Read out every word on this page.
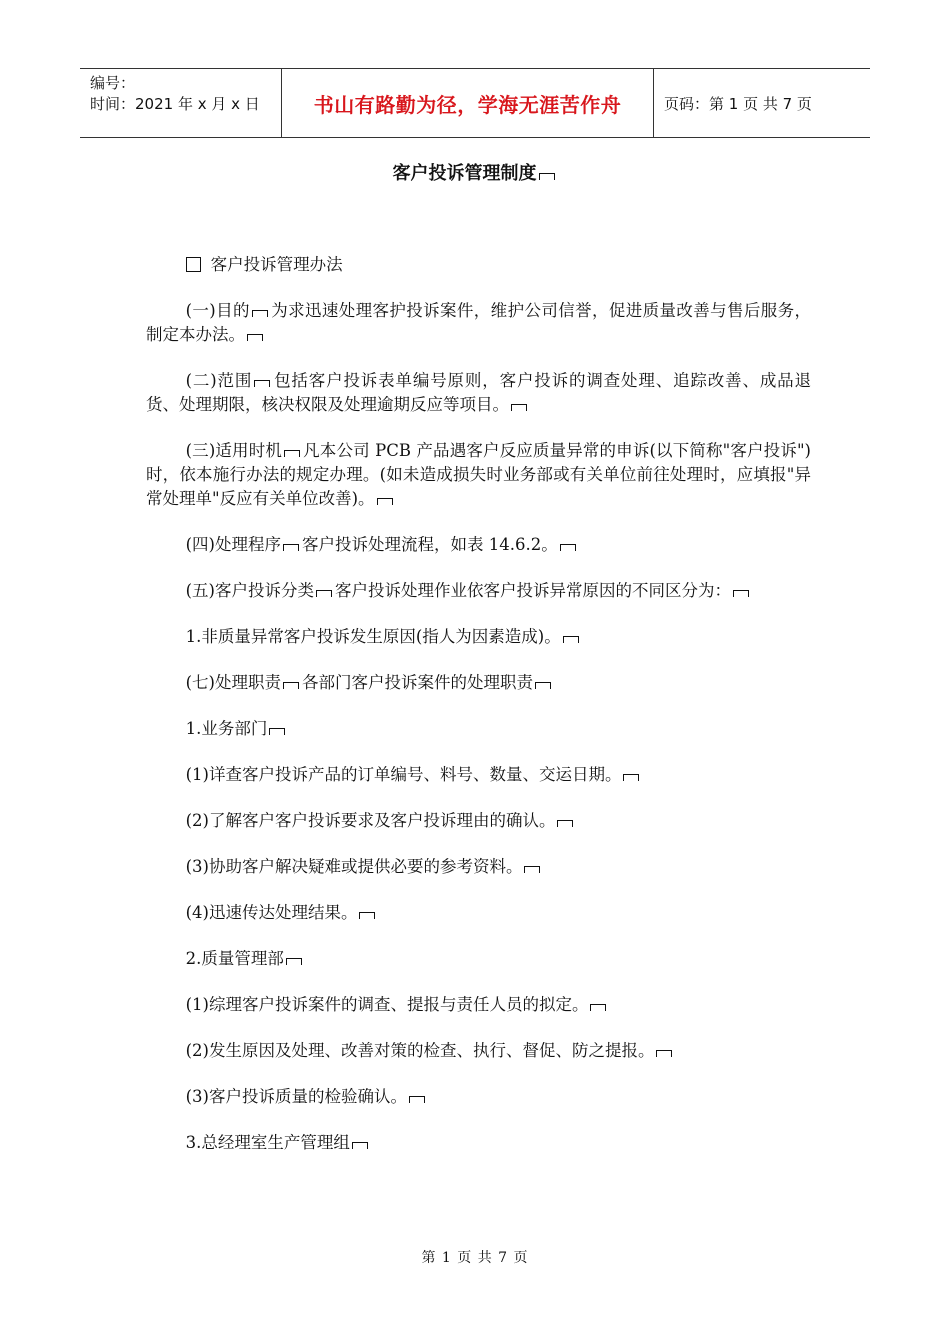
编号：
时间：2021 年 x 月 x 日	书山有路勤为径，学海无涯苦作舟	页码：第 1 页 共 7 页
客户投诉管理制度

客户投诉管理办法

(一)目的 为求迅速处理客护投诉案件，维护公司信誉，促进质量改善与售后服务，制定本办法。

(二)范围 包括客户投诉表单编号原则，客户投诉的调查处理、追踪改善、成品退货、处理期限，核决权限及处理逾期反应等项目。

(三)适用时机 凡本公司 PCB 产品遇客户反应质量异常的申诉(以下简称"客户投诉")时，依本施行办法的规定办理。(如未造成损失时业务部或有关单位前往处理时，应填报"异常处理单"反应有关单位改善)。

(四)处理程序 客户投诉处理流程，如表 14.6.2。

(五)客户投诉分类 客户投诉处理作业依客户投诉异常原因的不同区分为：

1.非质量异常客户投诉发生原因(指人为因素造成)。

(七)处理职责 各部门客户投诉案件的处理职责

1.业务部门

(1)详查客户投诉产品的订单编号、料号、数量、交运日期。

(2)了解客户客户投诉要求及客户投诉理由的确认。

(3)协助客户解决疑难或提供必要的参考资料。

(4)迅速传达处理结果。

2.质量管理部

(1)综理客户投诉案件的调查、提报与责任人员的拟定。

(2)发生原因及处理、改善对策的检查、执行、督促、防之提报。

(3)客户投诉质量的检验确认。

3.总经理室生产管理组

第 1 页 共 7 页
